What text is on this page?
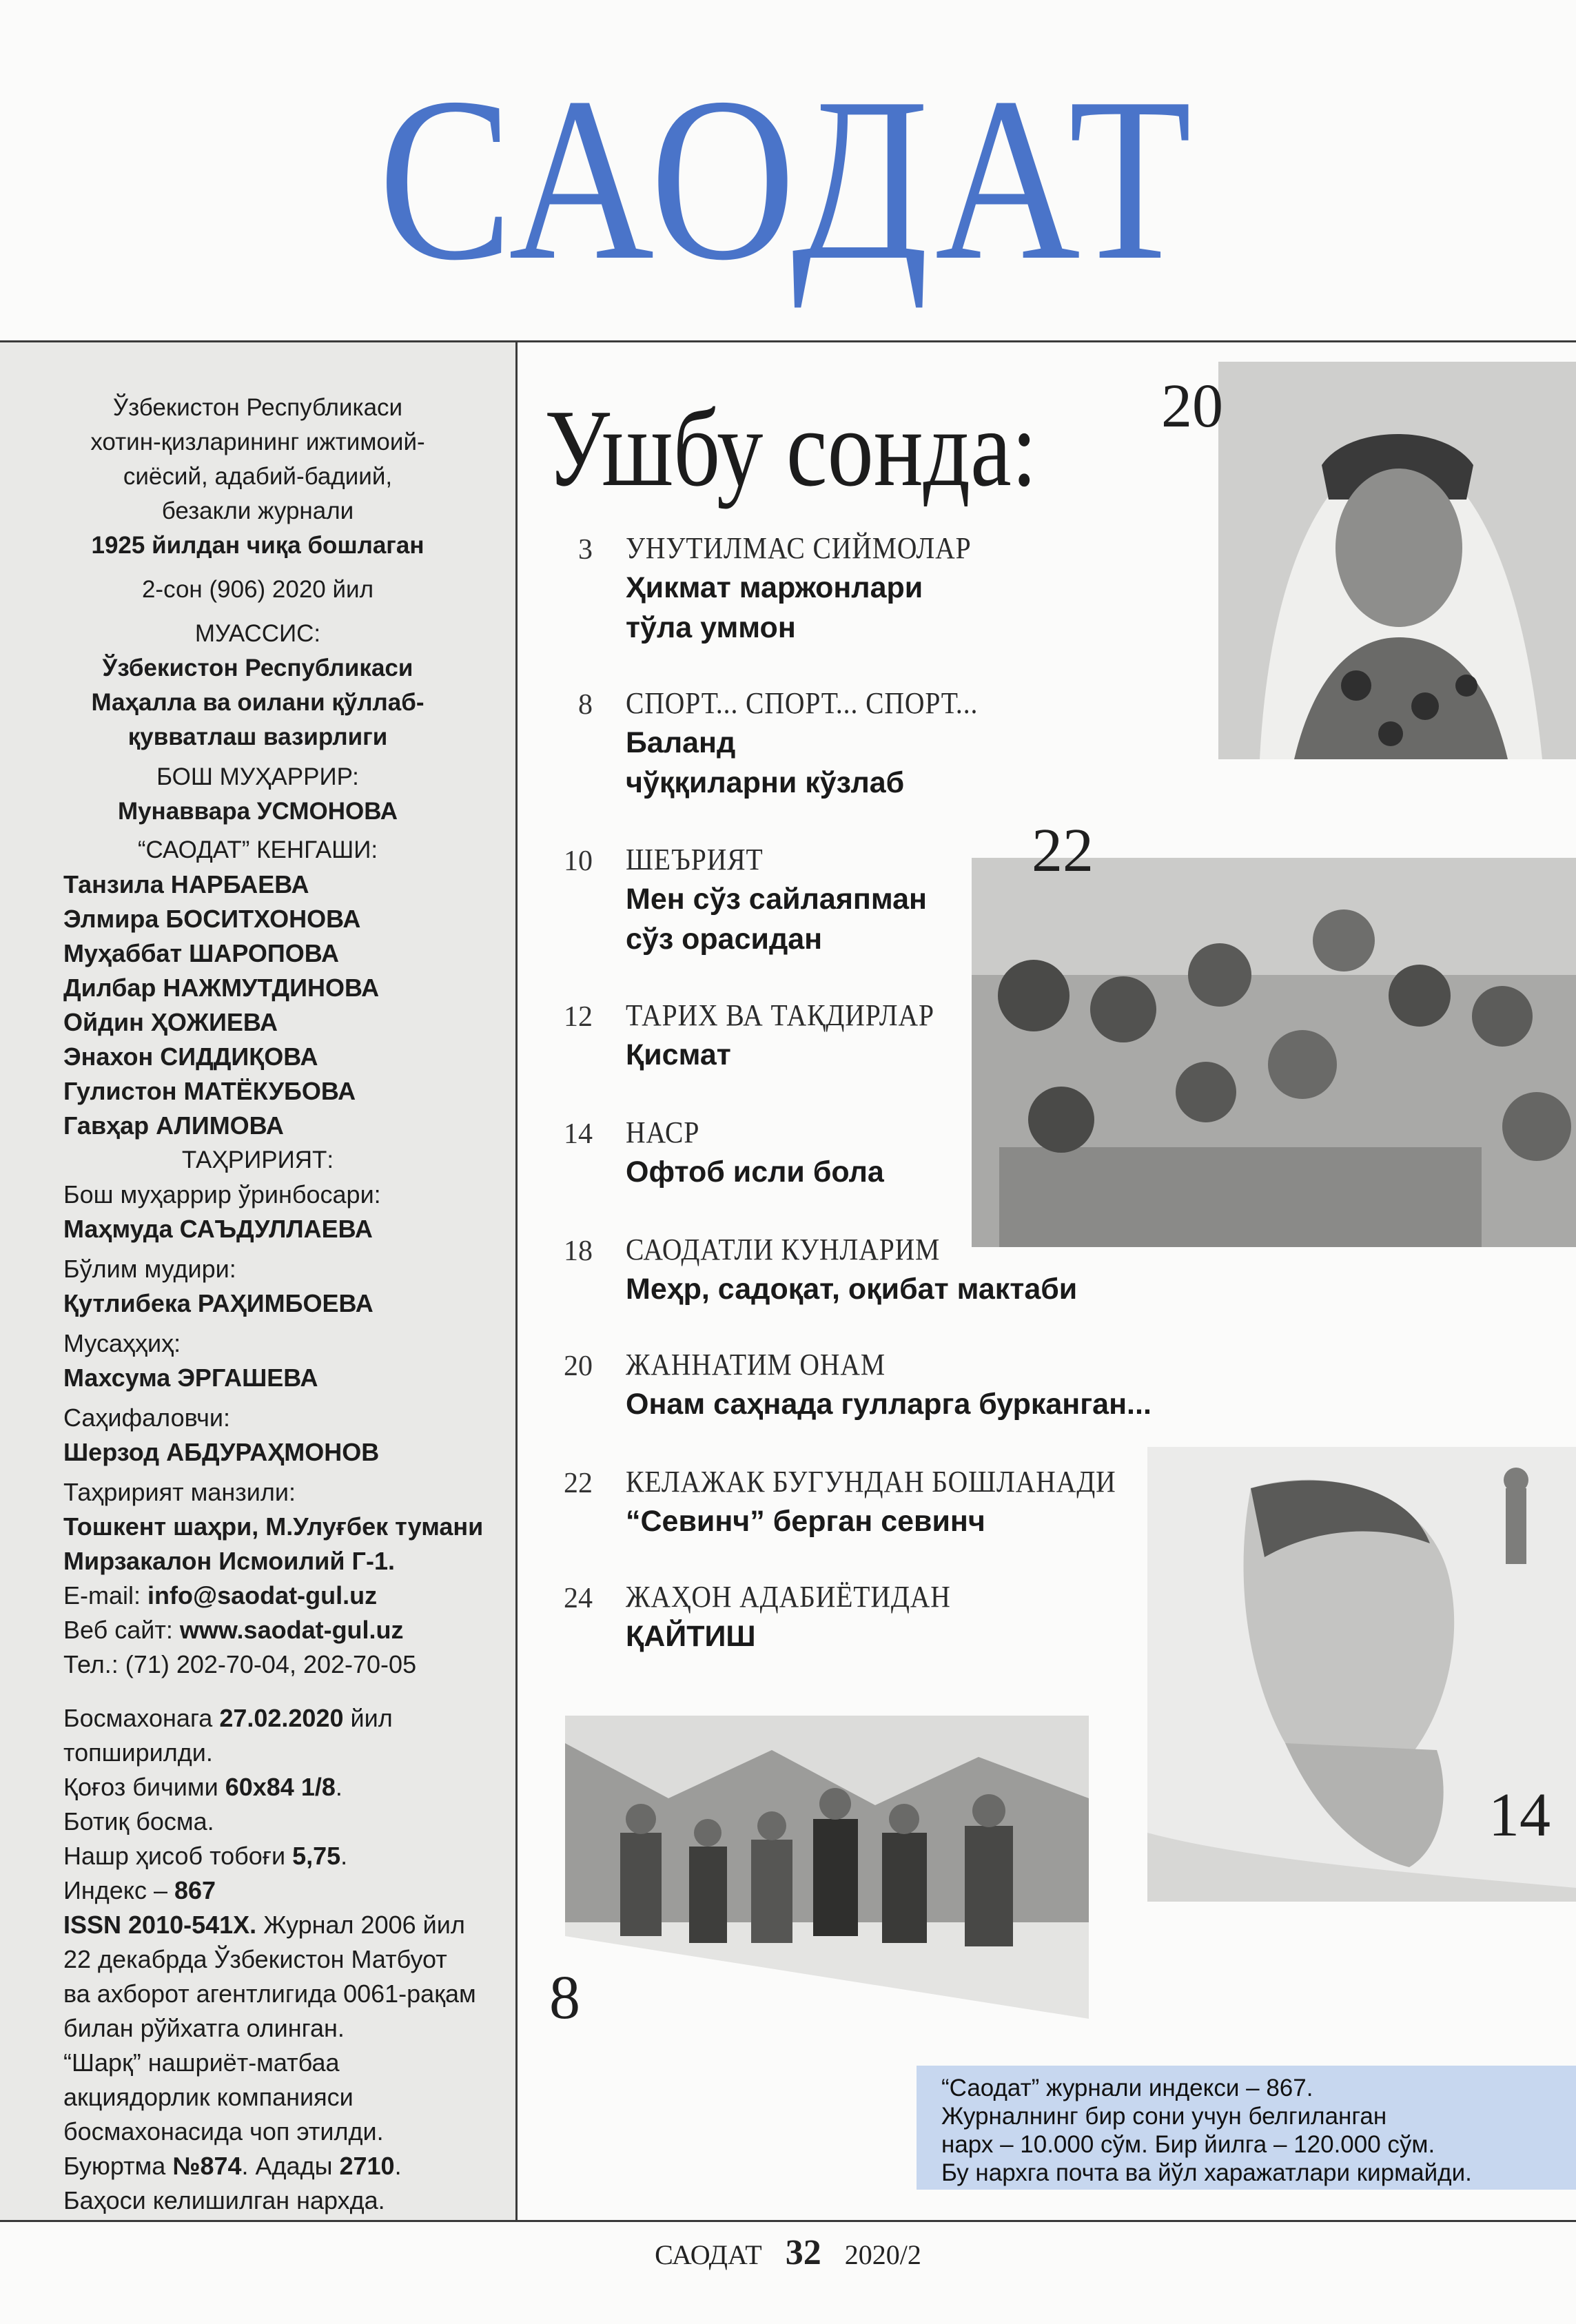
САОДАТ

Ўзбекистон Республикаси

хотин-қизларининг ижтимоий-

сиёсий, адабий-бадиий,

безакли журнали

1925 йилдан чиқа бошлаган

2-сон (906) 2020 йил

МУАССИС:

Ўзбекистон Республикаси

Маҳалла ва оилани қўллаб-

қувватлаш вазирлиги

БОШ МУҲАРРИР:

Мунаввара УСМОНОВА

“САОДАТ” КЕНГАШИ:

Танзила НАРБАЕВА

Элмира БОСИТХОНОВА

Муҳаббат ШАРОПОВА

Дилбар НАЖМУТДИНОВА

Ойдин ҲОЖИЕВА

Энахон СИДДИҚОВА

Гулистон МАТЁКУБОВА

Гавҳар АЛИМОВА

ТАҲРИРИЯТ:

Бош муҳаррир ўринбосари:

Маҳмуда САЪДУЛЛАЕВА

Бўлим мудири:

Қутлибека РАҲИМБОЕВА

Мусаҳҳиҳ:

Махсума ЭРГАШЕВА

Саҳифаловчи:

Шерзод АБДУРАҲМОНОВ

Таҳририят манзили:

Тошкент шаҳри, М.Улуғбек тумани

Мирзакалон Исмоилий Г-1.

E-mail: info@saodat-gul.uz

Веб сайт: www.saodat-gul.uz

Тел.: (71) 202-70-04, 202-70-05

Босмахонага 27.02.2020 йил

топширилди.

Қоғоз бичими 60х84 1/8.

Ботиқ босма.

Нашр ҳисоб тобоғи 5,75.

Индекс – 867

ISSN 2010-541X. Журнал 2006 йил

22 декабрда Ўзбекистон Матбуот

ва ахборот агентлигида 0061-рақам

билан рўйхатга олинган.

“Шарқ” нашриёт-матбаа

акциядорлик компанияси

босмахонасида чоп этилди.

Буюртма №874. Адады 2710.

Баҳоси келишилган нархда.

Ушбу сонда:
3 УНУТИЛМАС СИЙМОЛАР
Ҳикмат маржонлари
тўла уммон
8 СПОРТ... СПОРТ... СПОРТ...
Баланд
чўққиларни кўзлаб
10 ШЕЪРИЯТ
Мен сўз сайлаяпман
сўз орасидан
12 ТАРИХ ВА ТАҚДИРЛАР
Қисмат
14 НАСР
Офтоб исли бола
18 САОДАТЛИ КУНЛАРИМ
Меҳр, садоқат, оқибат мактаби
20 ЖАННАТИМ ОНАМ
Онам саҳнада гулларга бурканган...
22 КЕЛАЖАК БУГУНДАН БОШЛАНАДИ
“Севинч” берган севинч
24 ЖАҲОН АДАБИЁТИДАН
ҚАЙТИШ
20
22
14
8

“Саодат” журнали индекси – 867.

Журналнинг бир сони учун белгиланган

нарх – 10.000 сўм. Бир йилга – 120.000 сўм.

Бу нархга почта ва йўл харажатлари кирмайди.

САОДАТ 32 2020/2
